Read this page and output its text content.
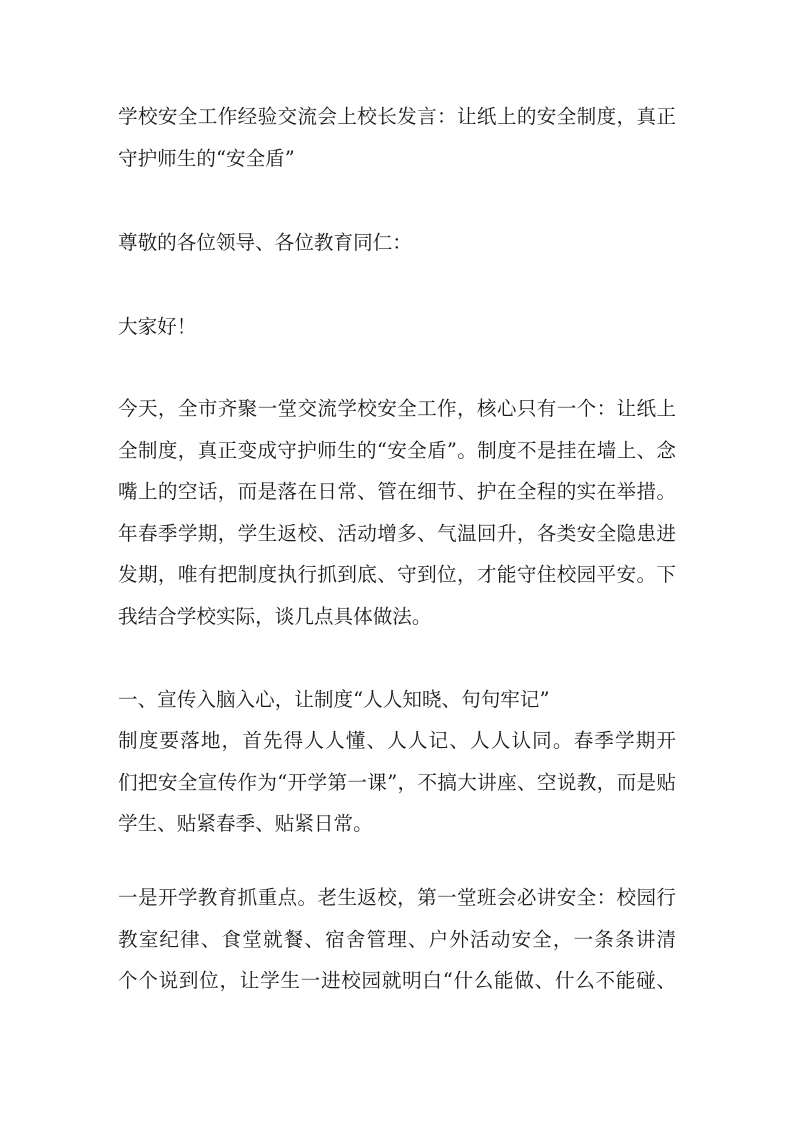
学校安全工作经验交流会上校长发言：让纸上的安全制度，真正
守护师生的“安全盾”
尊敬的各位领导、各位教育同仁：
大家好！
今天，全市齐聚一堂交流学校安全工作，核心只有一个：让纸上
全制度，真正变成守护师生的“安全盾”。制度不是挂在墙上、念
嘴上的空话，而是落在日常、管在细节、护在全程的实在举措。
年春季学期，学生返校、活动增多、气温回升，各类安全隐患进
发期，唯有把制度执行抓到底、守到位，才能守住校园平安。下
我结合学校实际，谈几点具体做法。
一、宣传入脑入心，让制度“人人知晓、句句牢记”
制度要落地，首先得人人懂、人人记、人人认同。春季学期开
们把安全宣传作为“开学第一课”，不搞大讲座、空说教，而是贴
学生、贴紧春季、贴紧日常。
一是开学教育抓重点。老生返校，第一堂班会必讲安全：校园行
教室纪律、食堂就餐、宿舍管理、户外活动安全，一条条讲清
个个说到位，让学生一进校园就明白“什么能做、什么不能碰、
